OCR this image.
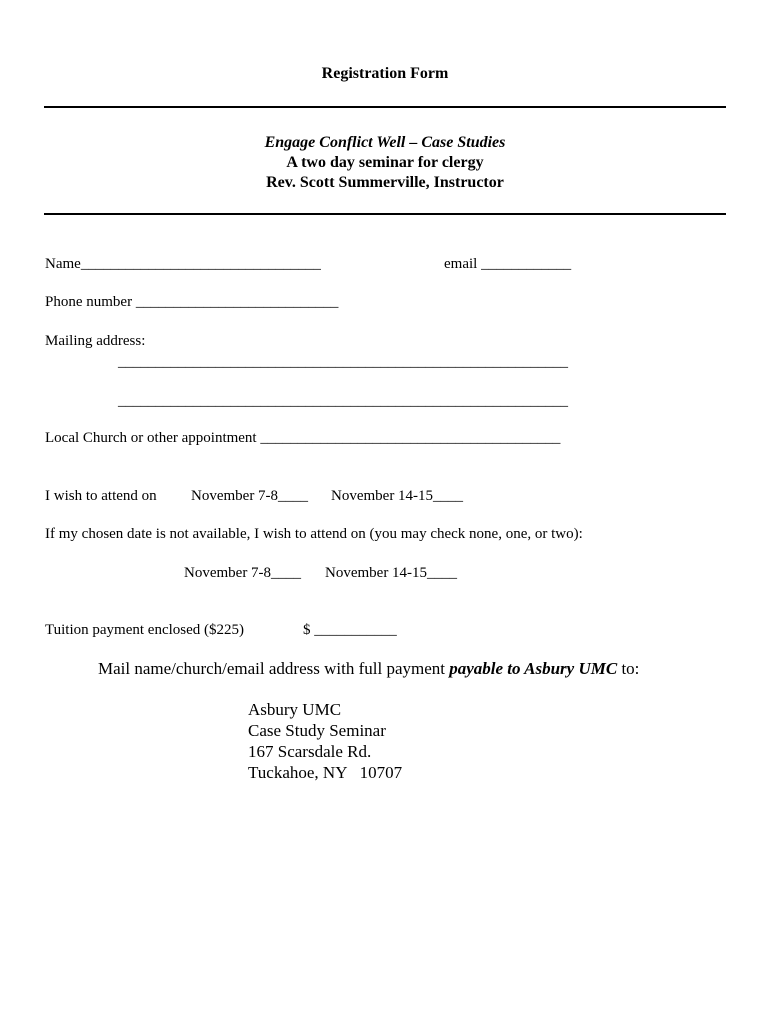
Registration Form
Engage Conflict Well – Case Studies
A two day seminar for clergy
Rev. Scott Summerville, Instructor
Name________________________________	email ____________
Phone number ___________________________
Mailing address:
____________________________________________________________
____________________________________________________________
Local Church or other appointment ________________________________________
I wish to attend on November 7-8____ November 14-15____
If my chosen date is not available, I wish to attend on (you may check none, one, or two):
November 7-8____ November 14-15____
Tuition payment enclosed ($225)	$ ___________
Mail name/church/email address with full payment payable to Asbury UMC to:
Asbury UMC
Case Study Seminar
167 Scarsdale Rd.
Tuckahoe, NY   10707
